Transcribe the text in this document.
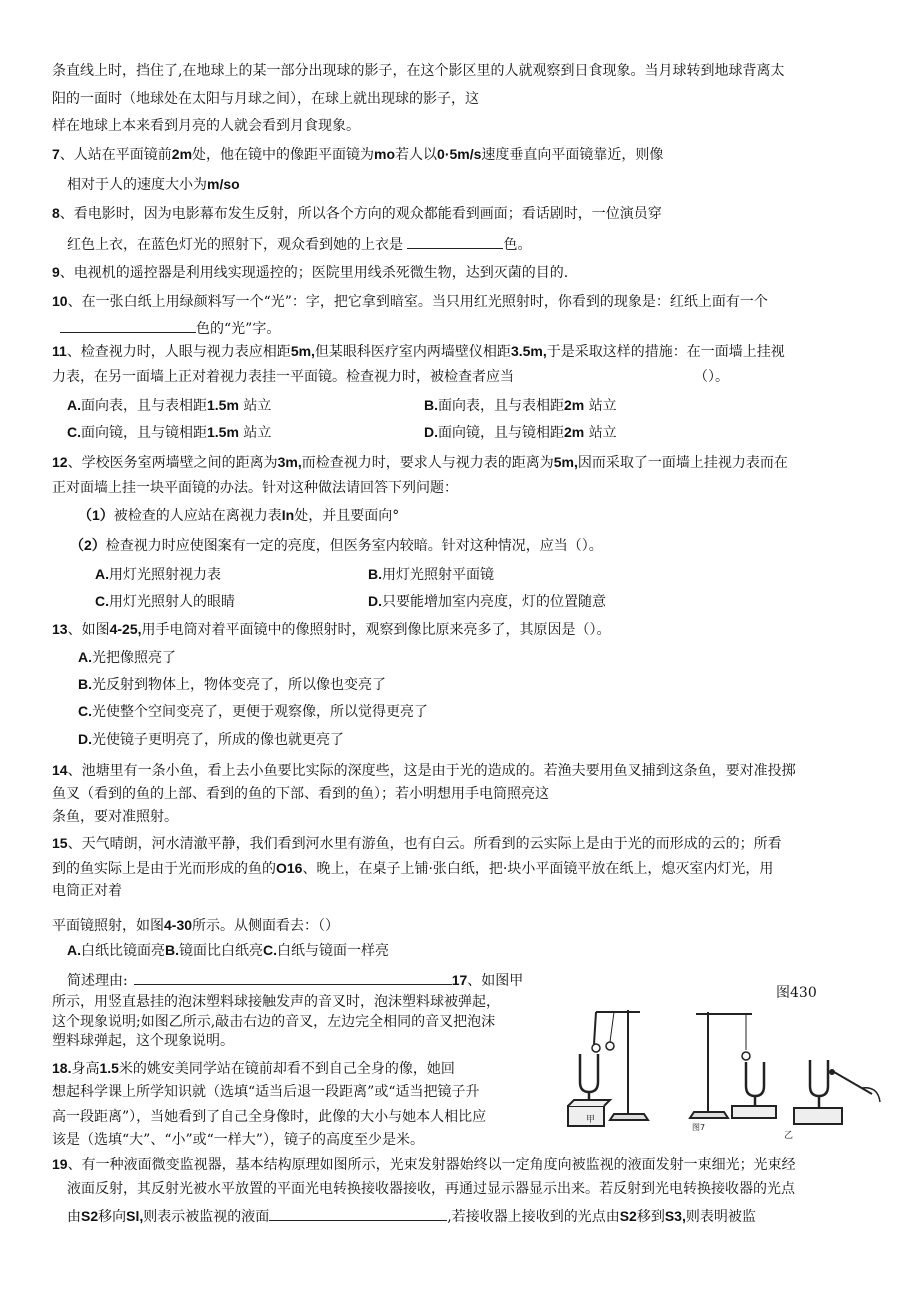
条直线上时，挡住了,在地球上的某一部分出现球的影子，在这个影区里的人就观察到日食现象。当月球转到地球背离太
阳的一面时（地球处在太阳与月球之间），在球上就出现球的影子，这
样在地球上本来看到月亮的人就会看到月食现象。
7、人站在平面镜前2m处，他在镜中的像距平面镜为mo若人以0·5m/s速度垂直向平面镜靠近，则像
相对于人的速度大小为m/so
8、看电影时，因为电影幕布发生反射，所以各个方向的观众都能看到画面；看话剧时，一位演员穿
红色上衣，在蓝色灯光的照射下，观众看到她的上衣是	色。
9、电视机的遥控器是利用线实现遥控的；医院里用线杀死微生物，达到灭菌的目的.
10、在一张白纸上用绿颜料写一个“光”：字，把它拿到暗室。当只用红光照射时，你看到的现象是：红纸上面有一个
色的“光”字。
11、检查视力时，人眼与视力表应相距5m,但某眼科医疗室内两墙壁仪相距3.5m,于是采取这样的措施：在一面墙上挂视
力表，在另一面墙上正对着视力表挂一平面镜。检查视力时，被检查者应当	（）。
A.面向表，且与表相距1.5m 站立	B.面向表，且与表相距2m 站立
C.面向镜，且与镜相距1.5m 站立	D.面向镜，且与镜相距2m 站立
12、学校医务室两墙壁之间的距离为3m,而检查视力时，要求人与视力表的距离为5m,因而采取了一面墙上挂视力表而在
正对面墙上挂一块平面镜的办法。针对这种做法请回答下列问题：
（1）被检查的人应站在离视力表In处，并且要面向°
（2）检查视力时应使图案有一定的亮度，但医务室内较暗。针对这种情况，应当（）。
A.用灯光照射视力表	B.用灯光照射平面镜
C.用灯光照射人的眼睛	D.只要能增加室内亮度，灯的位置随意
13、如图4-25,用手电筒对着平面镜中的像照射时，观察到像比原来亮多了，其原因是（）。
A.光把像照亮了
B.光反射到物体上，物体变亮了，所以像也变亮了
C.光使整个空间变亮了，更便于观察像，所以觉得更亮了
D.光使镜子更明亮了，所成的像也就更亮了
14、池塘里有一条小鱼，看上去小鱼要比实际的深度些，这是由于光的造成的。若渔夫要用鱼叉捕到这条鱼，要对准投掷
鱼叉（看到的鱼的上部、看到的鱼的下部、看到的鱼）；若小明想用手电筒照亮这
条鱼，要对准照射。
15、天气晴朗，河水清澈平静，我们看到河水里有游鱼，也有白云。所看到的云实际上是由于光的而形成的云的；所看
到的鱼实际上是由于光而形成的鱼的O16、晚上，在桌子上铺·张白纸，把·块小平面镜平放在纸上，熄灭室内灯光，用
电筒正对着
平面镜照射，如图4-30所示。从侧面看去：（）
A.白纸比镜面亮B.镜面比白纸亮C.白纸与镜面一样亮
简述理由:	17、如图甲
所示，用竖直悬挂的泡沫塑料球接触发声的音叉时，泡沫塑料球被弹起，
这个现象说明;如图乙所示,敲击右边的音叉，左边完全相同的音叉把泡沫
塑料球弹起，这个现象说明。
18.身高1.5米的姚安美同学站在镜前却看不到自己全身的像，她回
想起科学课上所学知识就（选填“适当后退一段距离”或“适当把镜子升
高一段距离”），当她看到了自己全身像时，此像的大小与她本人相比应
该是（选填“大”、“小”或“一样大”），镜子的高度至少是米。
19、有一种液面微变监视器，基本结构原理如图所示，光束发射器始终以一定角度向被监视的液面发射一束细光；光束经
液面反射，其反射光被水平放置的平面光电转换接收器接收，再通过显示器显示出来。若反射到光电转换接收器的光点
由S2移向Sl,则表示被监视的液面	,若接收器上接收到的光点由S2移到S3,则表明被监
图430
甲
图7
乙
